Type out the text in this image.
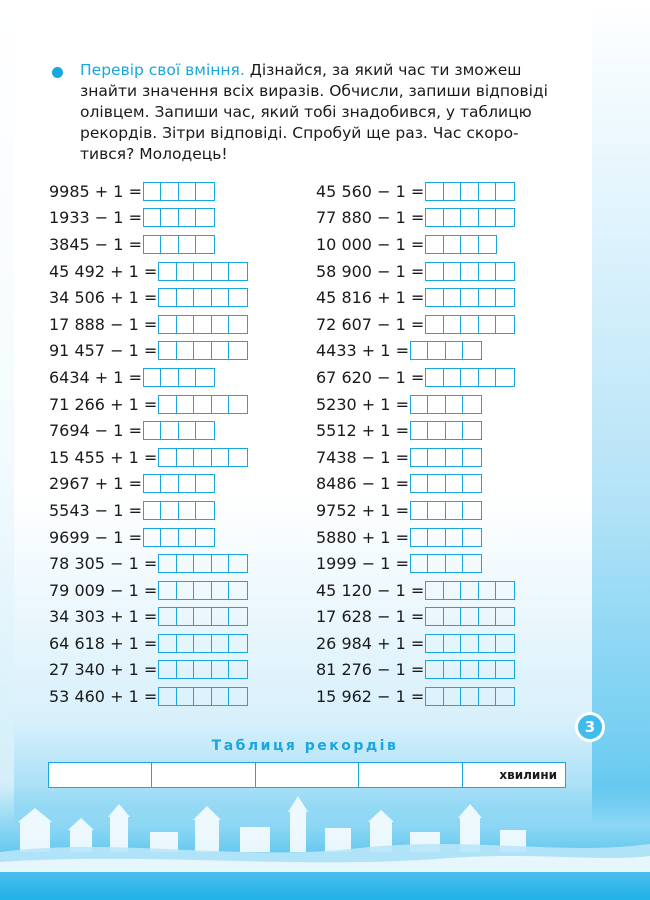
Перевір свої вміння. Дізнайся, за який час ти зможеш
знайти значення всіх виразів. Обчисли, запиши відповіді
олівцем. Запиши час, який тобі знадобився, у таблицю
рекордів. Зітри відповіді. Спробуй ще раз. Час скоро-
тився? Молодець!
9985 + 1 =
1933 − 1 =
3845 − 1 =
45 492 + 1 =
34 506 + 1 =
17 888 − 1 =
91 457 − 1 =
6434 + 1 =
71 266 + 1 =
7694 − 1 =
15 455 + 1 =
2967 + 1 =
5543 − 1 =
9699 − 1 =
78 305 − 1 =
79 009 − 1 =
34 303 + 1 =
64 618 + 1 =
27 340 + 1 =
53 460 + 1 =
45 560 − 1 =
77 880 − 1 =
10 000 − 1 =
58 900 − 1 =
45 816 + 1 =
72 607 − 1 =
4433 + 1 =
67 620 − 1 =
5230 + 1 =
5512 + 1 =
7438 − 1 =
8486 − 1 =
9752 + 1 =
5880 + 1 =
1999 − 1 =
45 120 − 1 =
17 628 − 1 =
26 984 + 1 =
81 276 − 1 =
15 962 − 1 =
Таблиця рекордів
хвилини
3
